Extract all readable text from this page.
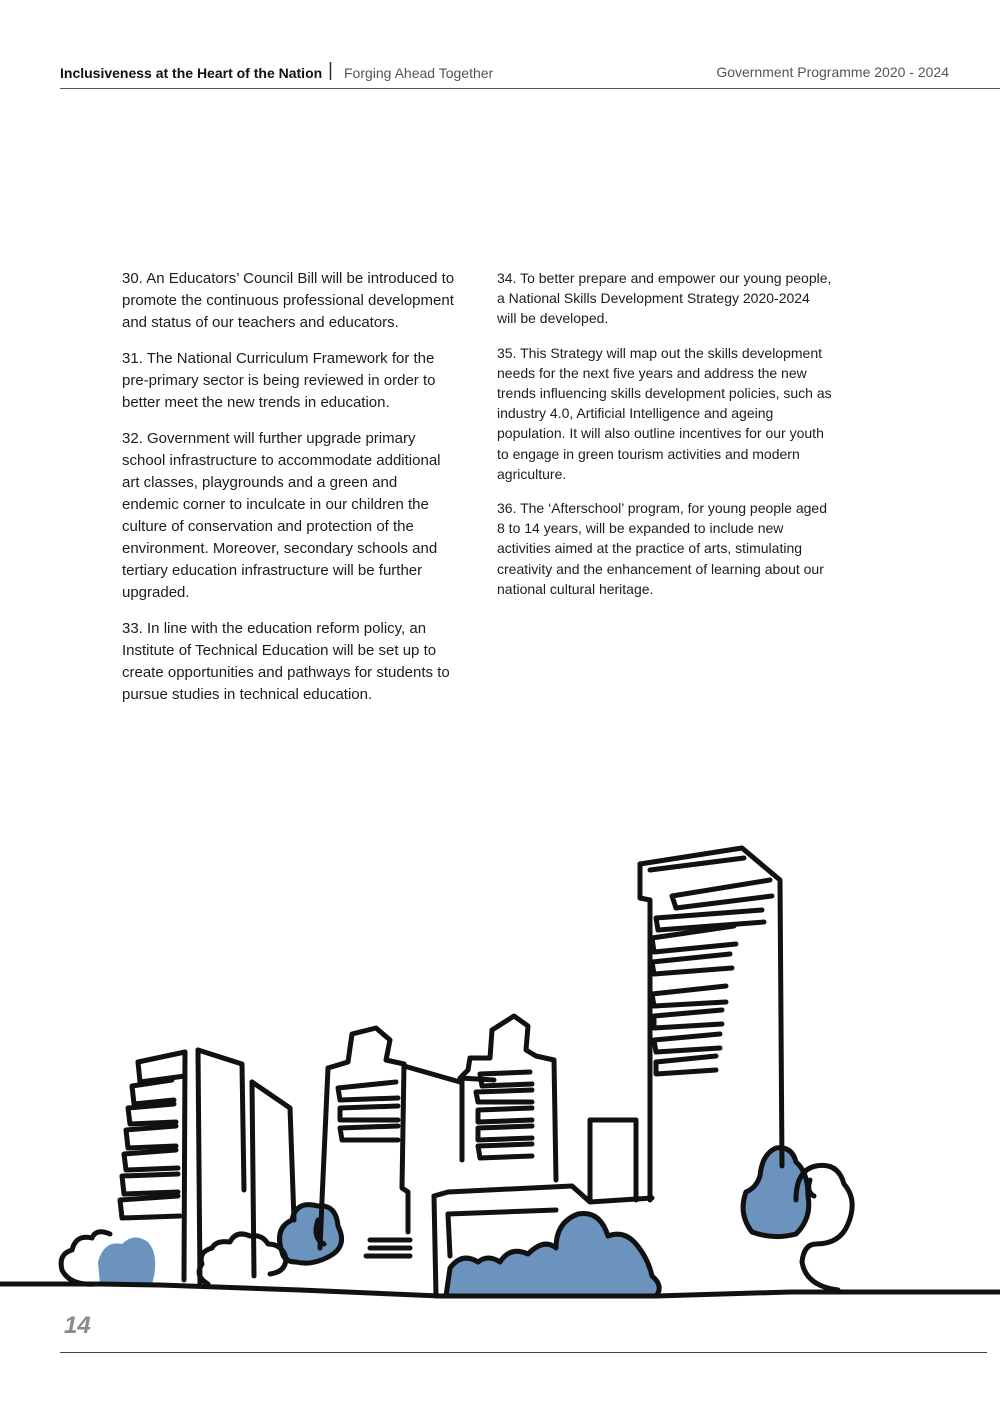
Inclusiveness at the Heart of the Nation | Forging Ahead Together	Government Programme 2020 - 2024

30. An Educators’ Council Bill will be introduced to promote the continuous professional development and status of our teachers and educators.

31. The National Curriculum Framework for the pre-primary sector is being reviewed in order to better meet the new trends in education.

32. Government will further upgrade primary school infrastructure to accommodate additional art classes, playgrounds and a green and endemic corner to inculcate in our children the culture of conservation and protection of the environment. Moreover, secondary schools and tertiary education infrastructure will be further upgraded.

33. In line with the education reform policy, an Institute of Technical Education will be set up to create opportunities and pathways for students to pursue studies in technical education.

34. To better prepare and empower our young people, a National Skills Development Strategy 2020-2024 will be developed.

35. This Strategy will map out the skills development needs for the next five years and address the new trends influencing skills development policies, such as industry 4.0, Artificial Intelligence and ageing population. It will also outline incentives for our youth to engage in green tourism activities and modern agriculture.

36. The ‘Afterschool’ program, for young people aged 8 to 14 years, will be expanded to include new activities aimed at the practice of arts, stimulating creativity and the enhancement of learning about our national cultural heritage.

14
